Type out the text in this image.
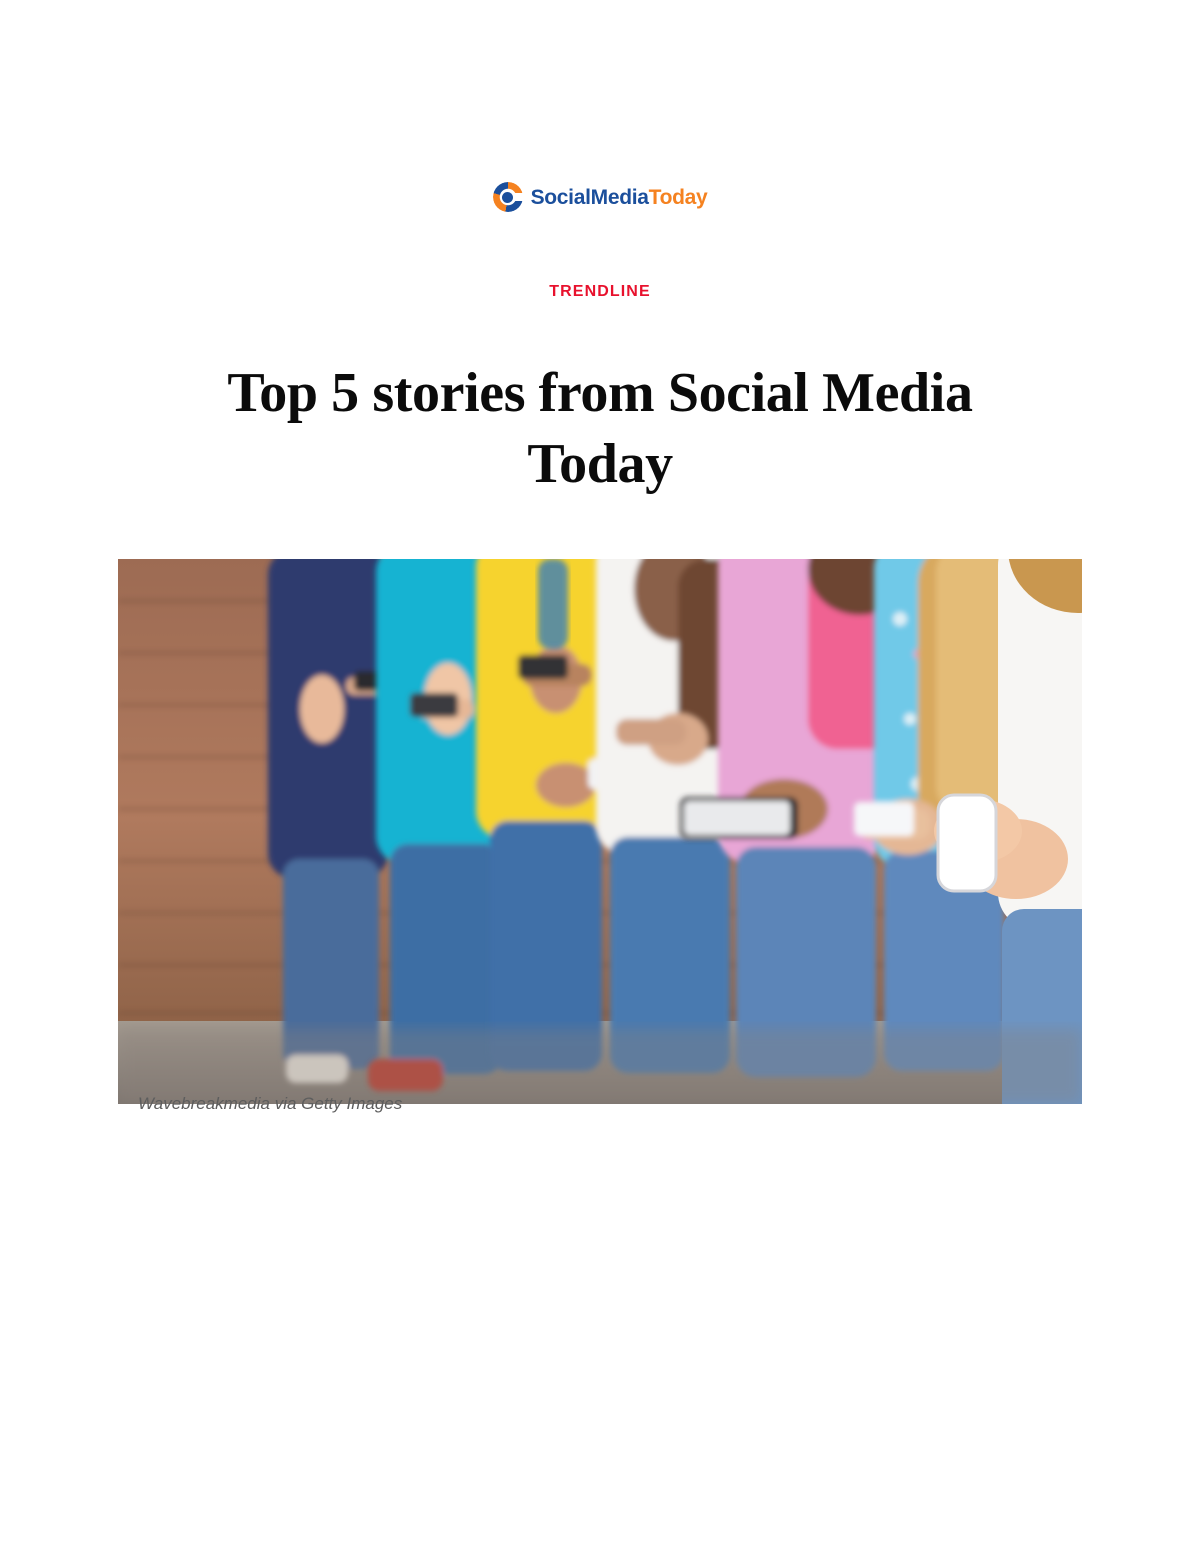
SocialMediaToday
TRENDLINE
Top 5 stories from Social Media Today
Wavebreakmedia via Getty Images
